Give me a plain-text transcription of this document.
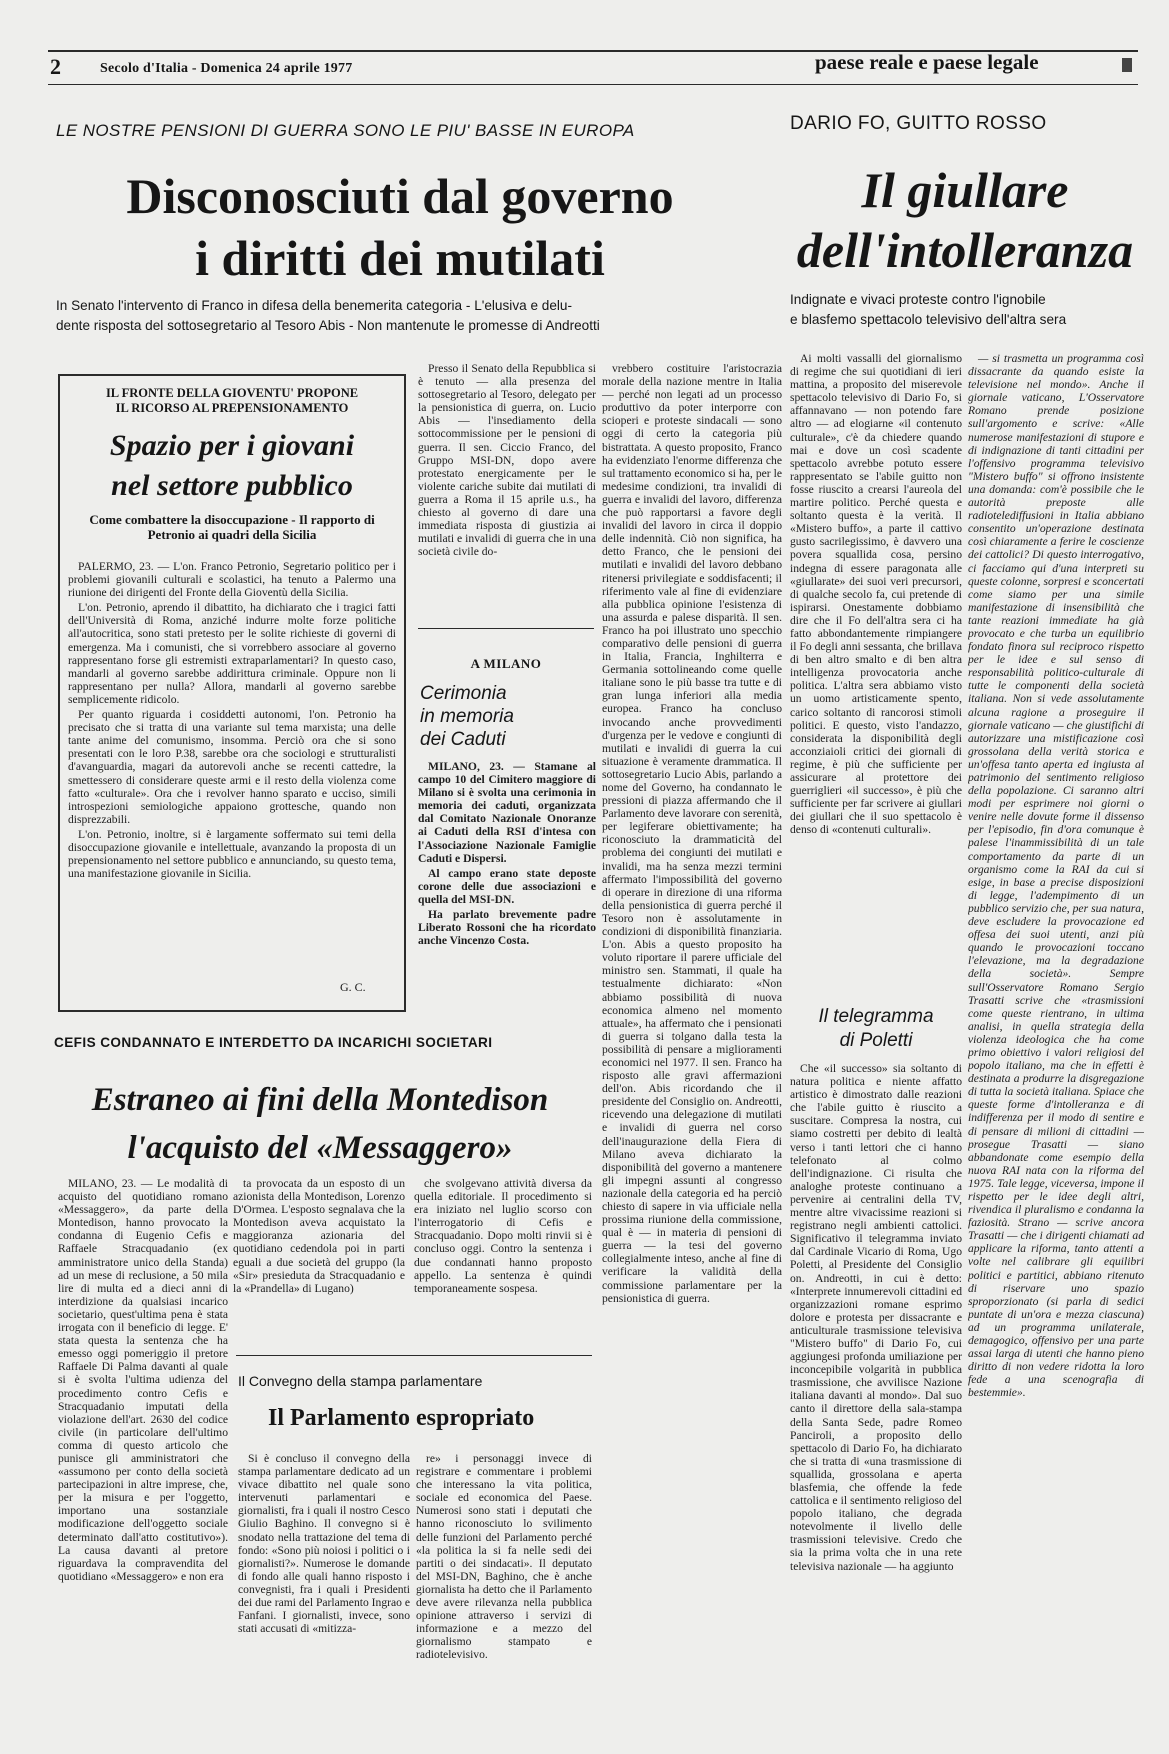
2	Secolo d'Italia - Domenica 24 aprile 1977	paese reale e paese legale
LE NOSTRE PENSIONI DI GUERRA SONO LE PIU' BASSE IN EUROPA
Disconosciuti dal governo
i diritti dei mutilati
In Senato l'intervento di Franco in difesa della benemerita categoria - L'elusiva e delu-
dente risposta del sottosegretario al Tesoro Abis - Non mantenute le promesse di Andreotti
DARIO FO, GUITTO ROSSO
Il giullare
dell'intolleranza
Indignate e vivaci proteste contro l'ignobile
e blasfemo spettacolo televisivo dell'altra sera
IL FRONTE DELLA GIOVENTU' PROPONE
IL RICORSO AL PREPENSIONAMENTO
Spazio per i giovani
nel settore pubblico
Come combattere la disoccupazione - Il rapporto di Petronio ai quadri della Sicilia

PALERMO, 23. — L'on. Franco Petronio, Segretario politico per i problemi giovanili culturali e scolastici, ha tenuto a Palermo una riunione dei dirigenti del Fronte della Gioventù della Sicilia.

L'on. Petronio, aprendo il dibattito, ha dichiarato che i tragici fatti dell'Università di Roma, anziché indurre molte forze politiche all'autocritica, sono stati pretesto per le solite richieste di governi di emergenza. Ma i comunisti, che si vorrebbero associare al governo rappresentano forse gli estremisti extraparlamentari? In questo caso, mandarli al governo sarebbe addirittura criminale. Oppure non li rappresentano per nulla? Allora, mandarli al governo sarebbe semplicemente ridicolo.

Per quanto riguarda i cosiddetti autonomi, l'on. Petronio ha precisato che si tratta di una variante sul tema marxista; una delle tante anime del comunismo, insomma. Perciò ora che si sono presentati con le loro P.38, sarebbe ora che sociologi e strutturalisti d'avanguardia, magari da autorevoli anche se recenti cattedre, la smettessero di considerare queste armi e il resto della violenza come fatto «culturale». Ora che i revolver hanno sparato e ucciso, simili introspezioni semiologiche appaiono grottesche, quando non disprezzabili.

L'on. Petronio, inoltre, si è largamente soffermato sui temi della disoccupazione giovanile e intellettuale, avanzando la proposta di un prepensionamento nel settore pubblico e annunciando, su questo tema, una manifestazione giovanile in Sicilia.

G. C.

Presso il Senato della Repubblica si è tenuto — alla presenza del sottosegretario al Tesoro, delegato per la pensionistica di guerra, on. Lucio Abis — l'insediamento della sottocommissione per le pensioni di guerra. Il sen. Ciccio Franco, del Gruppo MSI-DN, dopo avere protestato energicamente per le violente cariche subite dai mutilati di guerra a Roma il 15 aprile u.s., ha chiesto al governo di dare una immediata risposta di giustizia ai mutilati e invalidi di guerra che in una società civile do-

vrebbero costituire l'aristocrazia morale della nazione mentre in Italia — perché non legati ad un processo produttivo da poter interporre con scioperi e proteste sindacali — sono oggi di certo la categoria più bistrattata. A questo proposito, Franco ha evidenziato l'enorme differenza che sul trattamento economico si ha, per le medesime condizioni, tra invalidi di guerra e invalidi del lavoro, differenza che può rapportarsi a favore degli invalidi del lavoro in circa il doppio delle indennità. Ciò non significa, ha detto Franco, che le pensioni dei mutilati e invalidi del lavoro debbano ritenersi privilegiate e soddisfacenti; il riferimento vale al fine di evidenziare alla pubblica opinione l'esistenza di una assurda e palese disparità. Il sen. Franco ha poi illustrato uno specchio comparativo delle pensioni di guerra in Italia, Francia, Inghilterra e Germania sottolineando come quelle italiane sono le più basse tra tutte e di gran lunga inferiori alla media europea. Franco ha concluso invocando anche provvedimenti d'urgenza per le vedove e congiunti di mutilati e invalidi di guerra la cui situazione è veramente drammatica. Il sottosegretario Lucio Abis, parlando a nome del Governo, ha condannato le pressioni di piazza affermando che il Parlamento deve lavorare con serenità, per legiferare obiettivamente; ha riconosciuto la drammaticità del problema dei congiunti dei mutilati e invalidi, ma ha senza mezzi termini affermato l'impossibilità del governo di operare in direzione di una riforma della pensionistica di guerra perché il Tesoro non è assolutamente in condizioni di disponibilità finanziaria. L'on. Abis a questo proposito ha voluto riportare il parere ufficiale del ministro sen. Stammati, il quale ha testualmente dichiarato: «Non abbiamo possibilità di nuova economica almeno nel momento attuale», ha affermato che i pensionati di guerra si tolgano dalla testa la possibilità di pensare a miglioramenti economici nel 1977. Il sen. Franco ha risposto alle gravi affermazioni dell'on. Abis ricordando che il presidente del Consiglio on. Andreotti, ricevendo una delegazione di mutilati e invalidi di guerra nel corso dell'inaugurazione della Fiera di Milano aveva dichiarato la disponibilità del governo a mantenere gli impegni assunti al congresso nazionale della categoria ed ha perciò chiesto di sapere in via ufficiale nella prossima riunione della commissione, qual è — in materia di pensioni di guerra — la tesi del governo collegialmente inteso, anche al fine di verificare la validità della commissione parlamentare per la pensionistica di guerra.

A MILANO
Cerimonia
in memoria
dei Caduti

MILANO, 23. — Stamane al campo 10 del Cimitero maggiore di Milano si è svolta una cerimonia in memoria dei caduti, organizzata dal Comitato Nazionale Onoranze ai Caduti della RSI d'intesa con l'Associazione Nazionale Famiglie Caduti e Dispersi.

Al campo erano state deposte corone delle due associazioni e quella del MSI-DN.

Ha parlato brevemente padre Liberato Rossoni che ha ricordato anche Vincenzo Costa.

CEFIS CONDANNATO E INTERDETTO DA INCARICHI SOCIETARI
Estraneo ai fini della Montedison
l'acquisto del «Messaggero»

MILANO, 23. — Le modalità di acquisto del quotidiano romano «Messaggero», da parte della Montedison, hanno provocato la condanna di Eugenio Cefis e Raffaele Stracquadanio (ex amministratore unico della Standa) ad un mese di reclusione, a 50 mila lire di multa ed a dieci anni di interdizione da qualsiasi incarico societario, quest'ultima pena è stata irrogata con il beneficio di legge. E' stata questa la sentenza che ha emesso oggi pomeriggio il pretore Raffaele Di Palma davanti al quale si è svolta l'ultima udienza del procedimento contro Cefis e Stracquadanio imputati della violazione dell'art. 2630 del codice civile (in particolare dell'ultimo comma di questo articolo che punisce gli amministratori che «assumono per conto della società partecipazioni in altre imprese, che, per la misura e per l'oggetto, importano una sostanziale modificazione dell'oggetto sociale determinato dall'atto costitutivo»). La causa davanti al pretore riguardava la compravendita del quotidiano «Messaggero» e non era

ta provocata da un esposto di un azionista della Montedison, Lorenzo D'Ormea. L'esposto segnalava che la Montedison aveva acquistato la maggioranza azionaria del quotidiano cedendola poi in parti eguali a due società del gruppo (la «Sir» presieduta da Stracquadanio e la «Prandella» di Lugano)

che svolgevano attività diversa da quella editoriale. Il procedimento si era iniziato nel luglio scorso con l'interrogatorio di Cefis e Stracquadanio. Dopo molti rinvii si è concluso oggi. Contro la sentenza i due condannati hanno proposto appello. La sentenza è quindi temporaneamente sospesa.

Il Convegno della stampa parlamentare
Il Parlamento espropriato

Si è concluso il convegno della stampa parlamentare dedicato ad un vivace dibattito nel quale sono intervenuti parlamentari e giornalisti, fra i quali il nostro Cesco Giulio Baghino. Il convegno si è snodato nella trattazione del tema di fondo: «Sono più noiosi i politici o i giornalisti?». Numerose le domande di fondo alle quali hanno risposto i convegnisti, fra i quali i Presidenti dei due rami del Parlamento Ingrao e Fanfani. I giornalisti, invece, sono stati accusati di «mitizza-

re» i personaggi invece di registrare e commentare i problemi che interessano la vita politica, sociale ed economica del Paese. Numerosi sono stati i deputati che hanno riconosciuto lo svilimento delle funzioni del Parlamento perché «la politica la si fa nelle sedi dei partiti o dei sindacati». Il deputato del MSI-DN, Baghino, che è anche giornalista ha detto che il Parlamento deve avere rilevanza nella pubblica opinione attraverso i servizi di informazione e a mezzo del giornalismo stampato e radiotelevisivo.

Ai molti vassalli del giornalismo di regime che sui quotidiani di ieri mattina, a proposito del miserevole spettacolo televisivo di Dario Fo, si affannavano — non potendo fare altro — ad elogiarne «il contenuto culturale», c'è da chiedere quando mai e dove un così scadente spettacolo avrebbe potuto essere rappresentato se l'abile guitto non fosse riuscito a crearsi l'aureola del martire politico. Perché questa e soltanto questa è la verità. Il «Mistero buffo», a parte il cattivo gusto sacrilegissimo, è davvero una povera squallida cosa, persino indegna di essere paragonata alle «giullarate» dei suoi veri precursori, di qualche secolo fa, cui pretende di ispirarsi. Onestamente dobbiamo dire che il Fo dell'altra sera ci ha fatto abbondantemente rimpiangere il Fo degli anni sessanta, che brillava di ben altro smalto e di ben altra intelligenza provocatoria anche politica. L'altra sera abbiamo visto un uomo artisticamente spento, carico soltanto di rancorosi stimoli politici. E questo, visto l'andazzo, considerata la disponibilità degli acconziaioli critici dei giornali di regime, è più che sufficiente per assicurare al protettore dei guerriglieri «il successo», è più che sufficiente per far scrivere ai giullari dei giullari che il suo spettacolo è denso di «contenuti culturali».

Il telegramma
di Poletti

Che «il successo» sia soltanto di natura politica e niente affatto artistico è dimostrato dalle reazioni che l'abile guitto è riuscito a suscitare. Compresa la nostra, cui siamo costretti per debito di lealtà verso i tanti lettori che ci hanno telefonato al colmo dell'indignazione. Ci risulta che analoghe proteste continuano a pervenire ai centralini della TV, mentre altre vivacissime reazioni si registrano negli ambienti cattolici. Significativo il telegramma inviato dal Cardinale Vicario di Roma, Ugo Poletti, al Presidente del Consiglio on. Andreotti, in cui è detto: «Interprete innumerevoli cittadini ed organizzazioni romane esprimo dolore e protesta per dissacrante e anticulturale trasmissione televisiva "Mistero buffo" di Dario Fo, cui aggiungesi profonda umiliazione per inconcepibile volgarità in pubblica trasmissione, che avvilisce Nazione italiana davanti al mondo». Dal suo canto il direttore della sala-stampa della Santa Sede, padre Romeo Panciroli, a proposito dello spettacolo di Dario Fo, ha dichiarato che si tratta di «una trasmissione di squallida, grossolana e aperta blasfemia, che offende la fede cattolica e il sentimento religioso del popolo italiano, che degrada notevolmente il livello delle trasmissioni televisive. Credo che sia la prima volta che in una rete televisiva nazionale — ha aggiunto

— si trasmetta un programma così dissacrante da quando esiste la televisione nel mondo». Anche il giornale vaticano, L'Osservatore Romano prende posizione sull'argomento e scrive: «Alle numerose manifestazioni di stupore e di indignazione di tanti cittadini per l'offensivo programma televisivo "Mistero buffo" si offrono insistente una domanda: com'è possibile che le autorità preposte alle radiotelediffusioni in Italia abbiano consentito un'operazione destinata così chiaramente a ferire le coscienze dei cattolici? Di questo interrogativo, ci facciamo qui d'una interpreti su queste colonne, sorpresi e sconcertati come siamo per una simile manifestazione di insensibilità che tante reazioni immediate ha già provocato e che turba un equilibrio fondato finora sul reciproco rispetto per le idee e sul senso di responsabilità politico-culturale di tutte le componenti della società italiana. Non si vede assolutamente alcuna ragione a proseguire il giornale vaticano — che giustifichi di autorizzare una mistificazione così grossolana della verità storica e un'offesa tanto aperta ed ingiusta al patrimonio del sentimento religioso della popolazione. Ci saranno altri modi per esprimere noi giorni o venire nelle dovute forme il dissenso per l'episodio, fin d'ora comunque è palese l'inammissibilità di un tale comportamento da parte di un organismo come la RAI da cui si esige, in base a precise disposizioni di legge, l'adempimento di un pubblico servizio che, per sua natura, deve escludere la provocazione ed offesa dei suoi utenti, anzi più quando le provocazioni toccano l'elevazione, ma la degradazione della società». Sempre sull'Osservatore Romano Sergio Trasatti scrive che «trasmissioni come queste rientrano, in ultima analisi, in quella strategia della violenza ideologica che ha come primo obiettivo i valori religiosi del popolo italiano, ma che in effetti è destinata a produrre la disgregazione di tutta la società italiana. Spiace che queste forme d'intolleranza e di indifferenza per il modo di sentire e di pensare di milioni di cittadini — prosegue Trasatti — siano abbandonate come esempio della nuova RAI nata con la riforma del 1975. Tale legge, viceversa, impone il rispetto per le idee degli altri, rivendica il pluralismo e condanna la faziosità. Strano — scrive ancora Trasatti — che i dirigenti chiamati ad applicare la riforma, tanto attenti a volte nel calibrare gli equilibri politici e partitici, abbiano ritenuto di riservare uno spazio sproporzionato (si parla di sedici puntate di un'ora e mezza ciascuna) ad un programma unilaterale, demagogico, offensivo per una parte assai larga di utenti che hanno pieno diritto di non vedere ridotta la loro fede a una scenografia di bestemmie».
